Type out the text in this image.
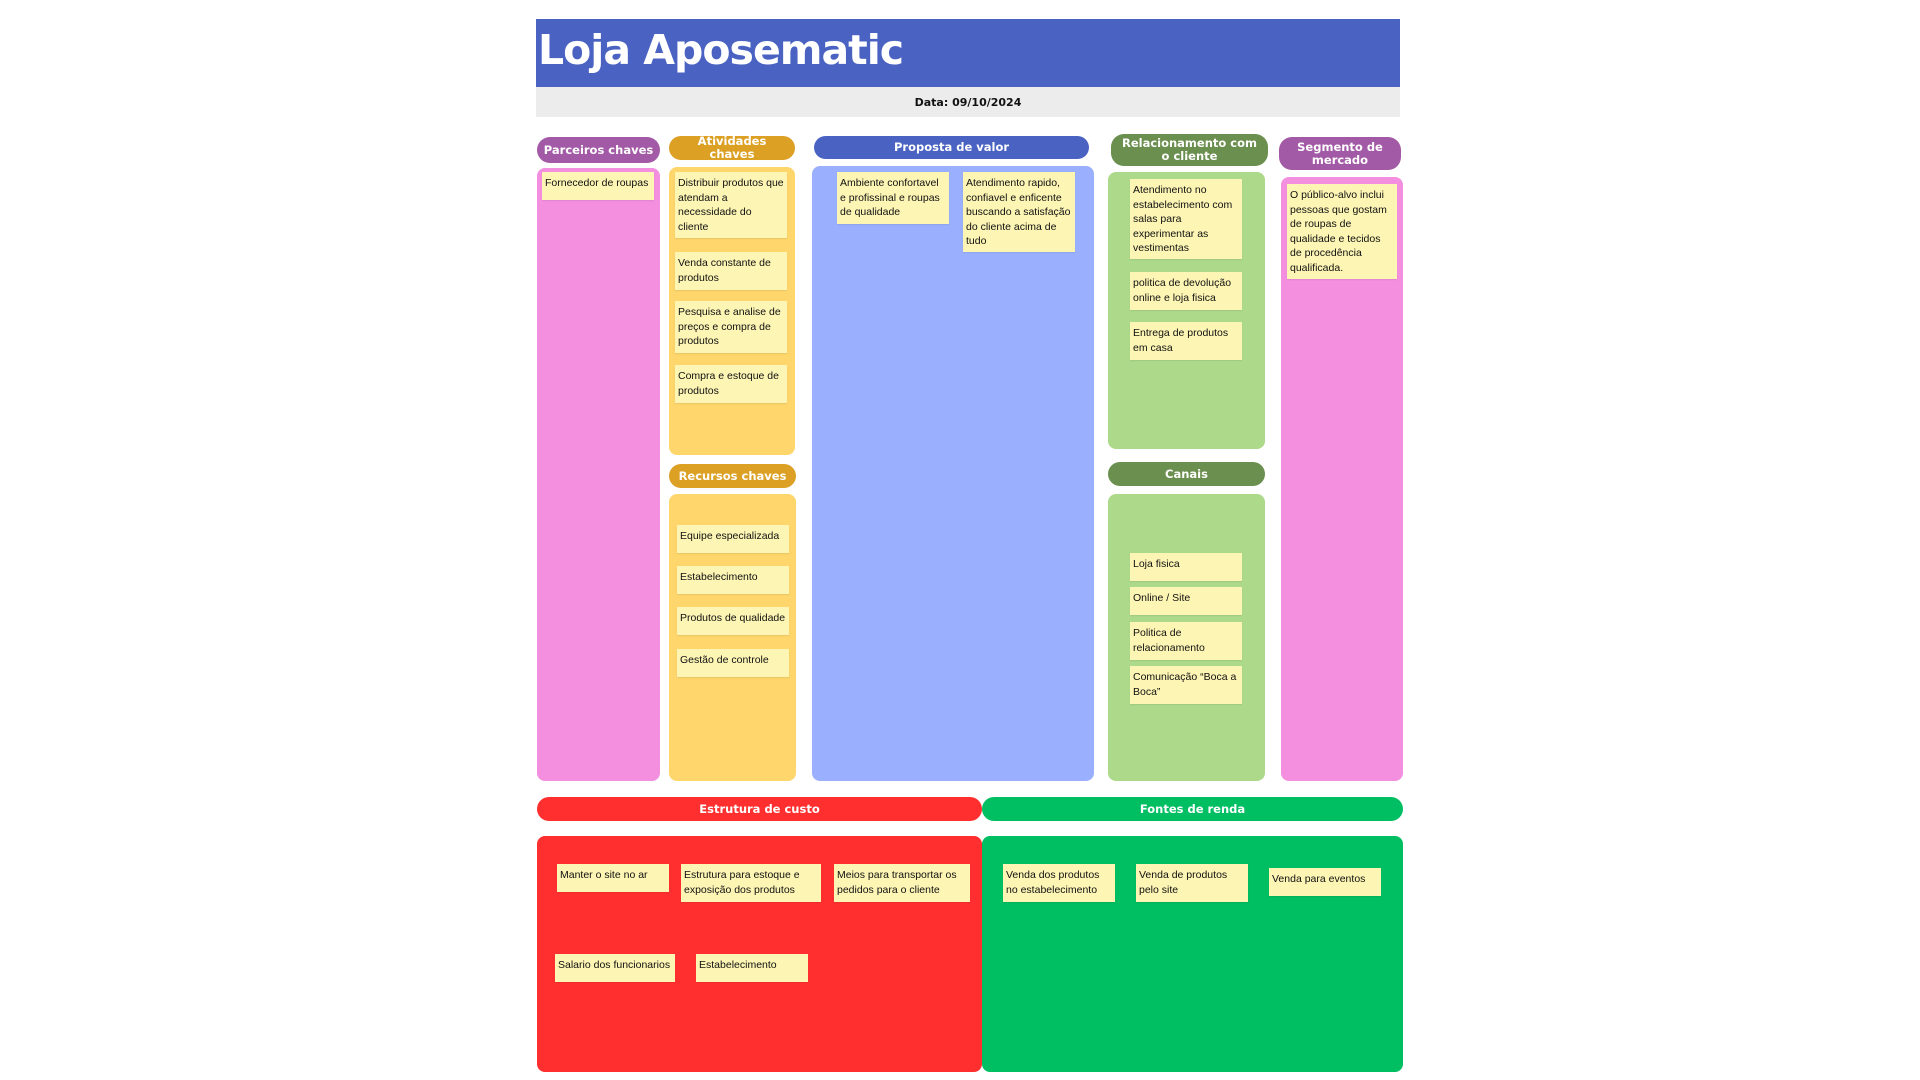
Loja Aposematic
Data: 09/10/2024
Parceiros chaves
Fornecedor de roupas
Atividades chaves
Distribuir produtos que atendam a necessidade do cliente
Venda constante de produtos
Pesquisa e analise de preços e compra de produtos
Compra e estoque de produtos
Recursos chaves
Equipe especializada
Estabelecimento
Produtos de qualidade
Gestão de controle
Proposta de valor
Ambiente confortavel e profissinal e roupas de qualidade
Atendimento rapido, confiavel e enficente buscando a satisfação do cliente acima de tudo
Relacionamento com o cliente
Atendimento no estabelecimento com salas para experimentar as vestimentas
politica de devolução online e loja fisica
Entrega de produtos em casa
Canais
Loja fisica
Online / Site
Politica de relacionamento
Comunicação “Boca a Boca”
Segmento de mercado
O público-alvo inclui pessoas que gostam de roupas de qualidade e tecidos de procedência qualificada.
Estrutura de custo
Manter o site no ar	Estrutura para estoque e exposição dos produtos
Meios para transportar os pedidos para o cliente
Salario dos funcionarios	Estabelecimento
Fontes de renda
Venda dos produtos no estabelecimento
Venda de produtos pelo site
Venda para eventos
